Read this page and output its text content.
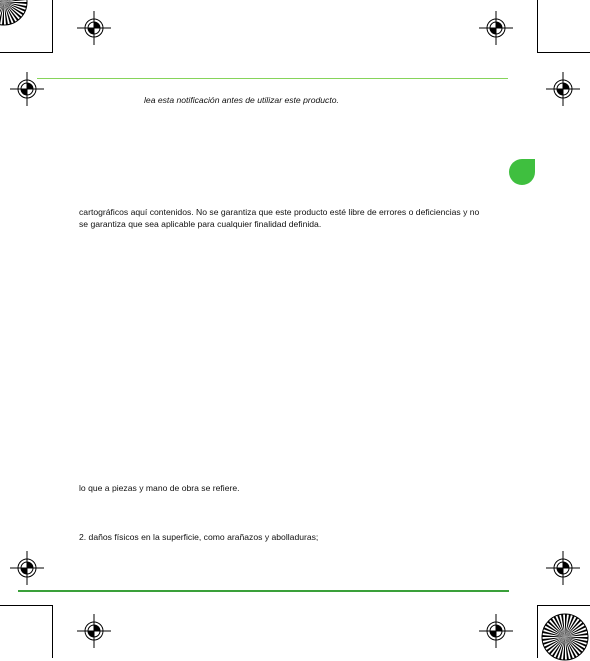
lea esta notificación antes de utilizar este producto.
cartográficos aquí contenidos. No se garantiza que este producto esté libre de errores o deficiencias y no
se garantiza que sea aplicable para cualquier finalidad definida.
lo que a piezas y mano de obra se refiere.
2. daños físicos en la superficie, como arañazos y abolladuras;
